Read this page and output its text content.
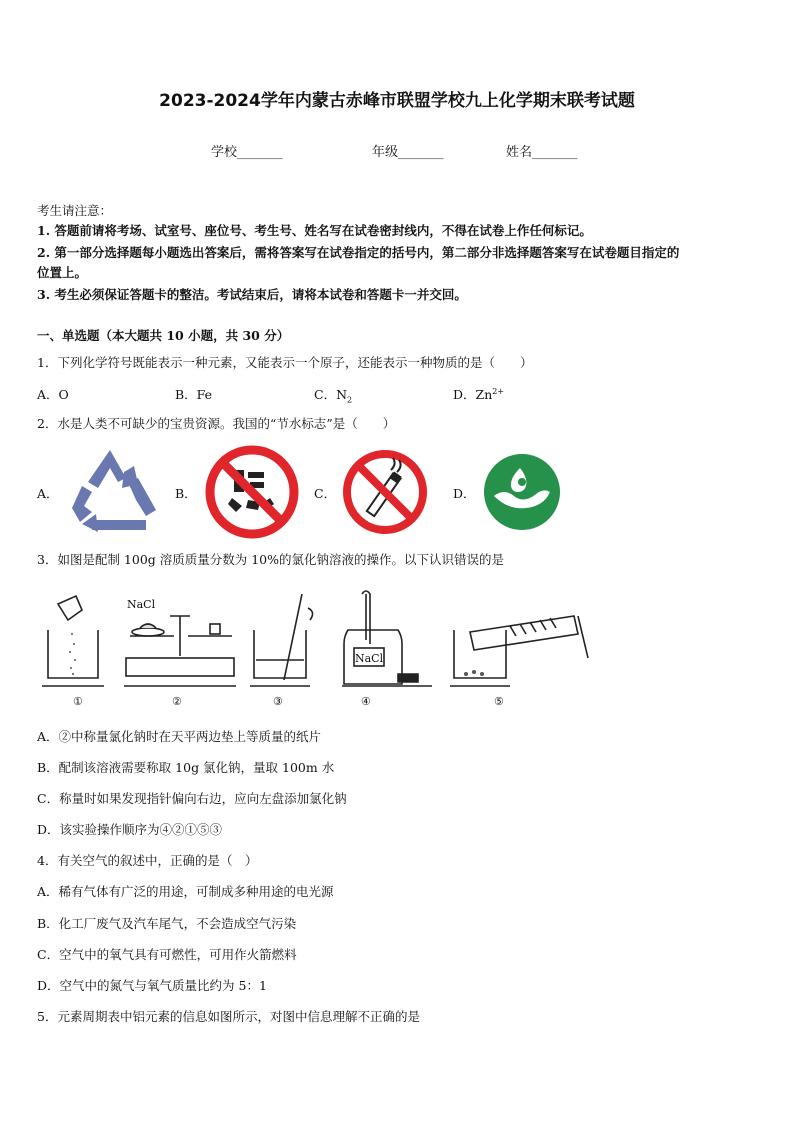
2023-2024学年内蒙古赤峰市联盟学校九上化学期末联考试题
学校_______	年级_______	姓名_______
考生请注意：
1. 答题前请将考场、试室号、座位号、考生号、姓名写在试卷密封线内，不得在试卷上作任何标记。
2. 第一部分选择题每小题选出答案后，需将答案写在试卷指定的括号内，第二部分非选择题答案写在试卷题目指定的
位置上。
3. 考生必须保证答题卡的整洁。考试结束后，请将本试卷和答题卡一并交回。
一、单选题（本大题共 10 小题，共 30 分）
1．下列化学符号既能表示一种元素，又能表示一个原子，还能表示一种物质的是（　　）
A．O	B．Fe	C．$N_2$	D．$Zn^{2+}$
2．水是人类不可缺少的宝贵资源。我国的“节水标志”是（　　）
A．	B．	C．	D．
3．如图是配制 100g 溶质质量分数为 10%的氯化钠溶液的操作。以下认识错误的是
NaCl
NaCl
①	②	③	④	⑤
A．②中称量氯化钠时在天平两边垫上等质量的纸片
B．配制该溶液需要称取 10g 氯化钠，量取 100m 水
C．称量时如果发现指针偏向右边，应向左盘添加氯化钠
D．该实验操作顺序为④②①⑤③
4．有关空气的叙述中，正确的是（　）
A．稀有气体有广泛的用途，可制成多种用途的电光源
B．化工厂废气及汽车尾气，不会造成空气污染
C．空气中的氧气具有可燃性，可用作火箭燃料
D．空气中的氮气与氧气质量比约为 5：1
5．元素周期表中铝元素的信息如图所示，对图中信息理解不正确的是
